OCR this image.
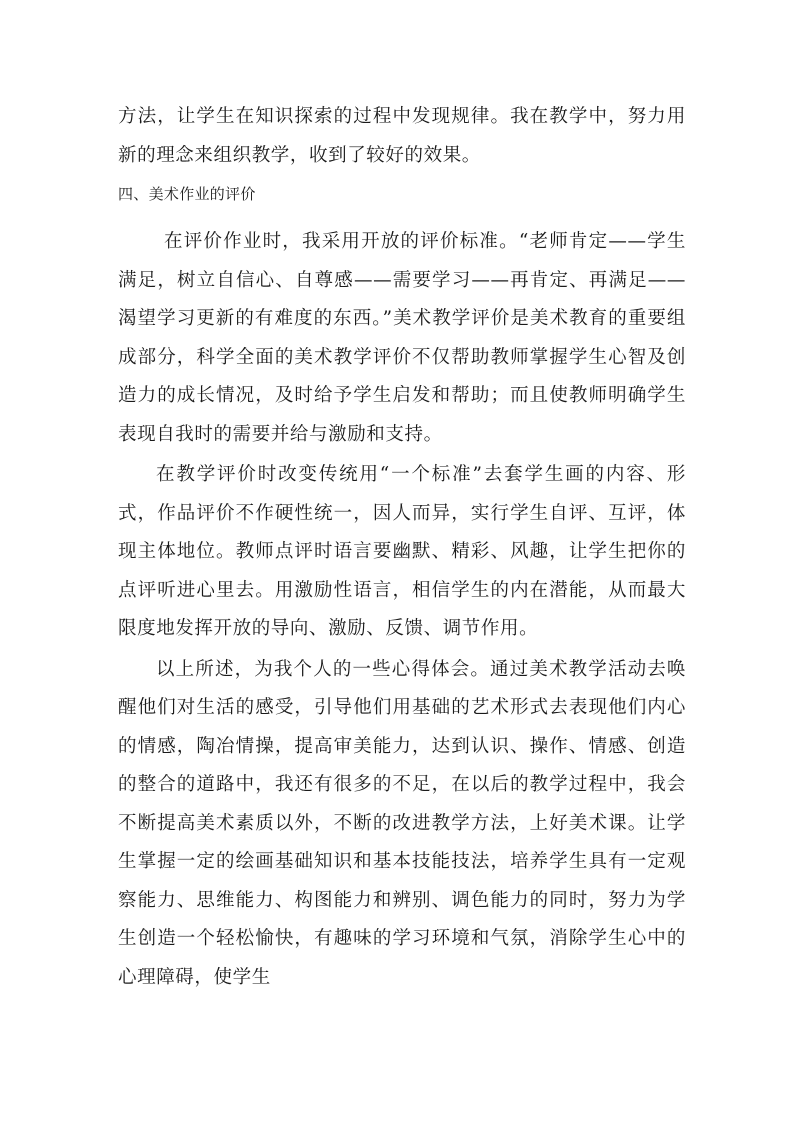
方法，让学生在知识探索的过程中发现规律。我在教学中，努力用新的理念来组织教学，收到了较好的效果。

四、美术作业的评价

在评价作业时，我采用开放的评价标准。“老师肯定——学生满足，树立自信心、自尊感——需要学习——再肯定、再满足——渴望学习更新的有难度的东西。”美术教学评价是美术教育的重要组成部分，科学全面的美术教学评价不仅帮助教师掌握学生心智及创造力的成长情况，及时给予学生启发和帮助；而且使教师明确学生表现自我时的需要并给与激励和支持。

在教学评价时改变传统用“一个标准”去套学生画的内容、形式，作品评价不作硬性统一，因人而异，实行学生自评、互评，体现主体地位。教师点评时语言要幽默、精彩、风趣，让学生把你的点评听进心里去。用激励性语言，相信学生的内在潜能，从而最大限度地发挥开放的导向、激励、反馈、调节作用。

以上所述，为我个人的一些心得体会。通过美术教学活动去唤醒他们对生活的感受，引导他们用基础的艺术形式去表现他们内心的情感，陶冶情操，提高审美能力，达到认识、操作、情感、创造的整合的道路中，我还有很多的不足，在以后的教学过程中，我会不断提高美术素质以外，不断的改进教学方法，上好美术课。让学生掌握一定的绘画基础知识和基本技能技法，培养学生具有一定观察能力、思维能力、构图能力和辨别、调色能力的同时，努力为学生创造一个轻松愉快，有趣味的学习环境和气氛，消除学生心中的心理障碍，使学生
